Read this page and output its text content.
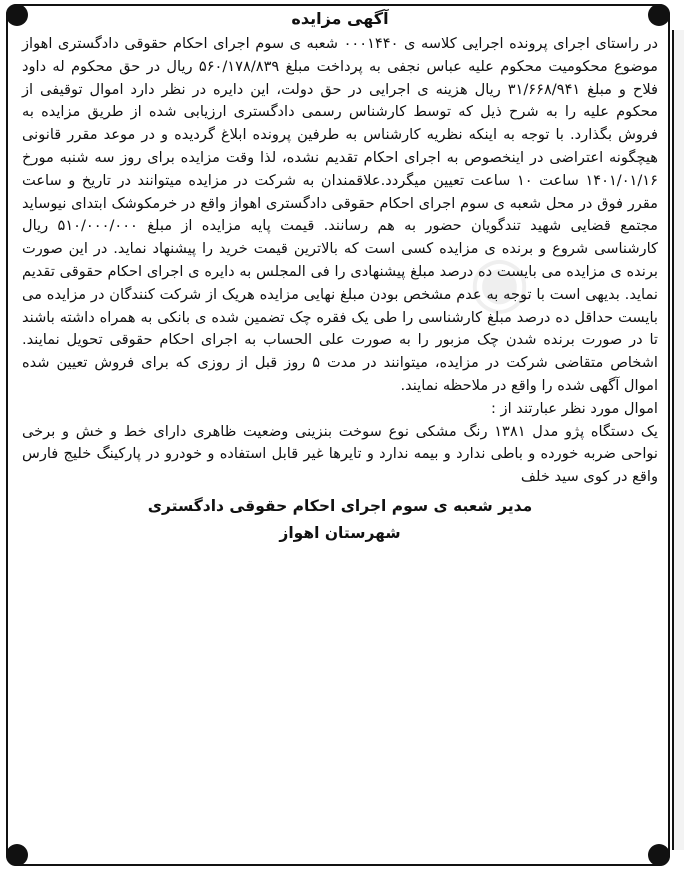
◉
آگهی مزایده

در راستای اجرای پرونده اجرایی کلاسه ی ۰۰۰۱۴۴۰ شعبه ی سوم اجرای احکام حقوقی دادگستری اهواز موضوع محکومیت محکوم علیه عباس نجفی به پرداخت مبلغ ۵۶۰/۱۷۸/۸۳۹ ریال در حق محکوم له داود فلاح و مبلغ ۳۱/۶۶۸/۹۴۱ ریال هزینه ی اجرایی در حق دولت، این دایره در نظر دارد اموال توقیفی از محکوم علیه را به شرح ذیل که توسط کارشناس رسمی دادگستری ارزیابی شده از طریق مزایده به فروش بگذارد. با توجه به اینکه نظریه کارشناس به طرفین پرونده ابلاغ گردیده و در موعد مقرر قانونی هیچگونه اعتراضی در اینخصوص به اجرای احکام تقدیم نشده، لذا وقت مزایده برای روز سه شنبه مورخ ۱۴۰۱/۰۱/۱۶ ساعت ۱۰ ساعت تعیین میگردد.علاقمندان به شرکت در مزایده میتوانند در تاریخ و ساعت مقرر فوق در محل شعبه ی سوم اجرای احکام حقوقی دادگستری اهواز واقع در خرمکوشک ابتدای نیوساید مجتمع قضایی شهید تندگویان حضور به هم رسانند. قیمت پایه مزایده از مبلغ ۵۱۰/۰۰۰/۰۰۰ ریال کارشناسی شروع و برنده ی مزایده کسی است که بالاترین قیمت خرید را پیشنهاد نماید. در این صورت برنده ی مزایده می بایست ده درصد مبلغ پیشنهادی را فی المجلس به دایره ی اجرای احکام حقوقی تقدیم نماید. بدیهی است با توجه به عدم مشخص بودن مبلغ نهایی مزایده هریک از شرکت کنندگان در مزایده می بایست حداقل ده درصد مبلغ کارشناسی را طی یک فقره چک تضمین شده ی بانکی به همراه داشته باشند تا در صورت برنده شدن چک مزبور را به صورت علی الحساب به اجرای احکام حقوقی تحویل نمایند. اشخاص متقاضی شرکت در مزایده، میتوانند در مدت ۵ روز قبل از روزی که برای فروش تعیین شده اموال آگهی شده را واقع در ملاحظه نمایند.

اموال مورد نظر عبارتند از :

یک دستگاه پژو مدل ۱۳۸۱ رنگ مشکی نوع سوخت بنزینی وضعیت ظاهری دارای خط و خش و برخی نواحی ضربه خورده و باطی ندارد و بیمه ندارد و تایرها غیر قابل استفاده و خودرو در پارکینگ خلیج فارس واقع در کوی سید خلف

مدیر شعبه ی سوم اجرای احکام حقوقی دادگستری
شهرستان اهواز
